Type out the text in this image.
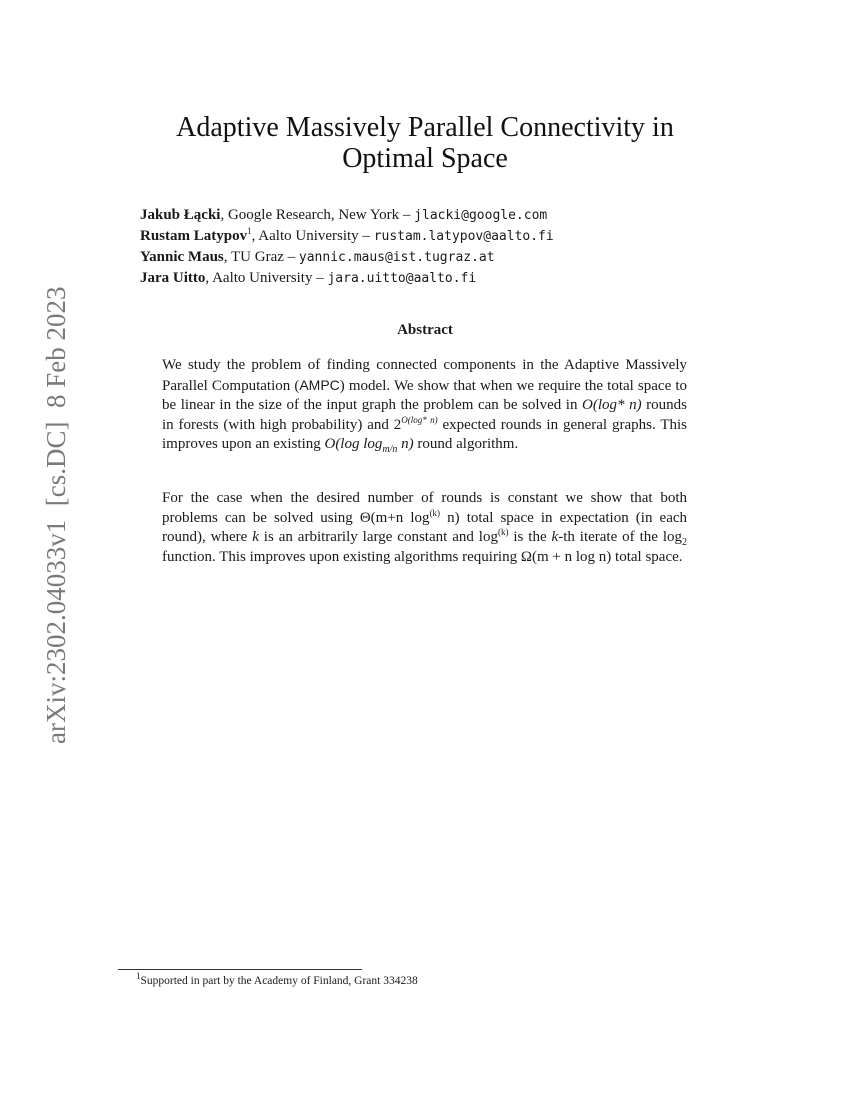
arXiv:2302.04033v1  [cs.DC]  8 Feb 2023
Adaptive Massively Parallel Connectivity in
Optimal Space
Jakub Łącki, Google Research, New York – jlacki@google.com
Rustam Latypov$^1$, Aalto University – rustam.latypov@aalto.fi
Yannic Maus, TU Graz – yannic.maus@ist.tugraz.at
Jara Uitto, Aalto University – jara.uitto@aalto.fi
Abstract
We study the problem of finding connected components in the Adaptive Massively Parallel Computation (AMPC) model. We show that when we require the total space to be linear in the size of the input graph the problem can be solved in O(log* n) rounds in forests (with high probability) and $2^{O(log* n)}$ expected rounds in general graphs. This improves upon an existing O(log $\log_{m/n} n$) round algorithm.
For the case when the desired number of rounds is constant we show that both problems can be solved using Θ(m+n $\log^{(k)} n$) total space in expectation (in each round), where k is an arbitrarily large constant and $\log^{(k)}$ is the k-th iterate of the $\log_2$ function. This improves upon existing algorithms requiring Ω(m + n log n) total space.
$^1$Supported in part by the Academy of Finland, Grant 334238
